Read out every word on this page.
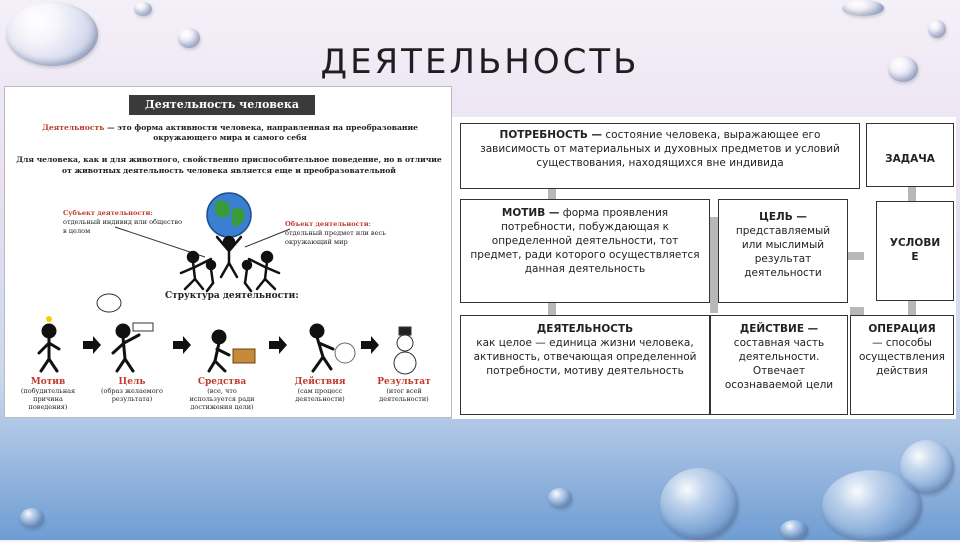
ДЕЯТЕЛЬНОСТЬ
Деятельность человека
Деятельность — это форма активности человека, направленная на преобразование окружающего мира и самого себя
Для человека, как и для животного, свойственно приспособительное поведение, но в отличие от животных деятельность человека является еще и преобразовательной
Субъект деятельности:
отдельный индивид или общество в целом
Объект деятельности: отдельный предмет или весь окружающий мир
Структура деятельности:
Мотив
(побудительная причина поведения)
Цель
(образ желаемого результата)
Средства
(все, что используется ради достижения цели)
Действия
(сам процесс деятельности)
Результат
(итог всей деятельности)
ПОТРЕБНОСТЬ — состояние человека, выражающее его зависимость от материальных и духовных предметов и условий существования, находящихся вне индивида	ЗАДАЧА
МОТИВ — форма проявления потребности, побуждающая к определенной деятельности, тот предмет, ради которого осуществляется данная деятельность
ЦЕЛЬ — представляемый или мыслимый результат деятельности
УСЛОВИЕ
ДЕЯТЕЛЬНОСТЬ
как целое — единица жизни человека, активность, отвечающая определенной потребности, мотиву деятельность
ДЕЙСТВИЕ —
составная часть деятельности. Отвечает осознаваемой цели
ОПЕРАЦИЯ
— способы осуществления действия
